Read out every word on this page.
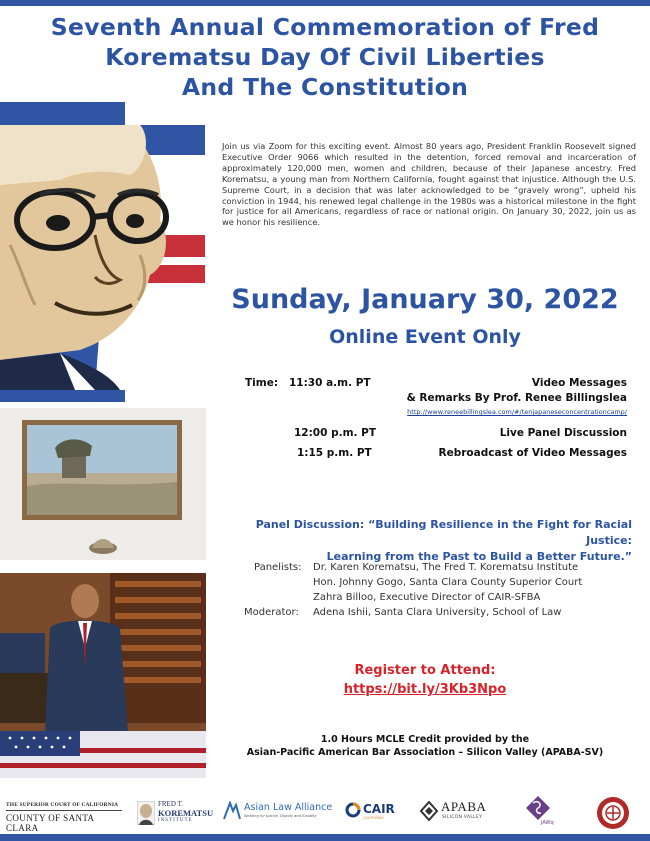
Seventh Annual Commemoration of Fred
Korematsu Day Of Civil Liberties
And The Constitution
Join us via Zoom for this exciting event. Almost 80 years ago, President Franklin Roosevelt signed Executive Order 9066 which resulted in the detention, forced removal and incarceration of approximately 120,000 men, women and children, because of their Japanese ancestry. Fred Korematsu, a young man from Northern California, fought against that injustice. Although the U.S. Supreme Court, in a decision that was later acknowledged to be “gravely wrong”, upheld his conviction in 1944, his renewed legal challenge in the 1980s was a historical milestone in the fight for justice for all Americans, regardless of race or national origin. On January 30, 2022, join us as we honor his resilience.
Sunday, January 30, 2022
Online Event Only
Time: 11:30 a.m. PT	Video Messages
& Remarks By Prof. Renee Billingslea
http://www.reneebillingslea.com/#/tenjapaneseconcentrationcamp/
12:00 p.m. PT	Live Panel Discussion
1:15 p.m. PT	Rebroadcast of Video Messages
Panel Discussion: “Building Resilience in the Fight for Racial Justice:
Learning from the Past to Build a Better Future.”
Panelists: Dr. Karen Korematsu, The Fred T. Korematsu Institute
Hon. Johnny Gogo, Santa Clara County Superior Court
Zahra Billoo, Executive Director of CAIR-SFBA
Moderator: Adena Ishii, Santa Clara University, School of Law
Register to Attend:
https://bit.ly/3Kb3Npo
1.0 Hours MCLE Credit provided by the
Asian-Pacific American Bar Association – Silicon Valley (APABA-SV)
THE SUPERIOR COURT OF CALIFORNIA
COUNTY OF SANTA CLARA
FRED T.
KOREMATSU
INSTITUTE
Asian Law Alliance
Working for Justice, Dignity and Equality	CAIR
CALIFORNIA
APABA
SILICON VALLEY
JAWq
